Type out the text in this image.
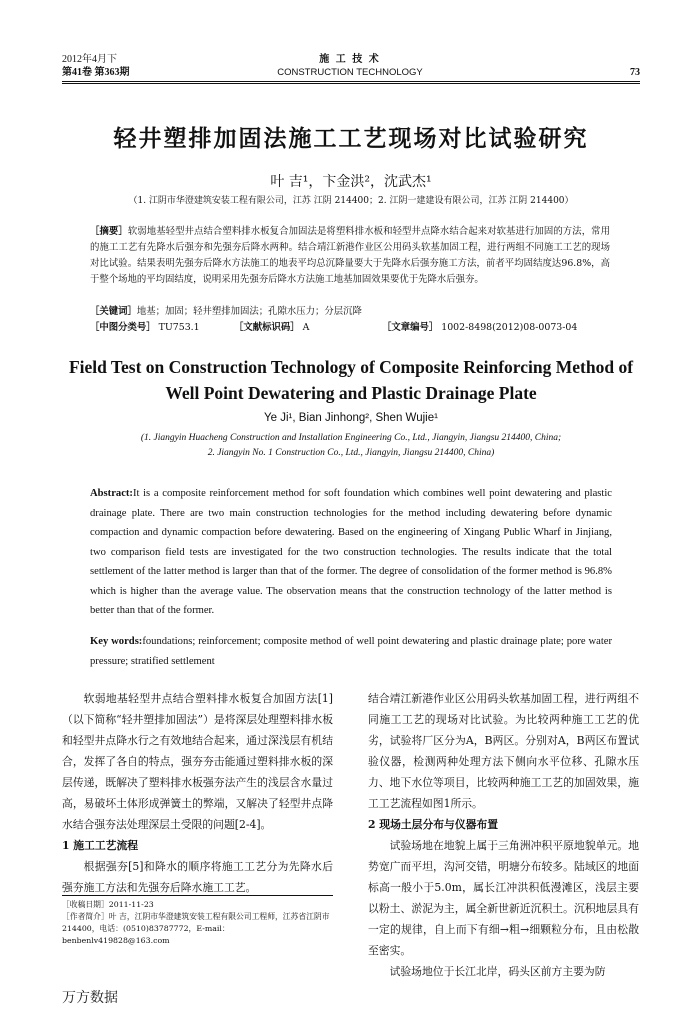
2012年4月下
第41卷 第363期
施 工 技 术
CONSTRUCTION TECHNOLOGY	73
轻井塑排加固法施工工艺现场对比试验研究
叶 吉¹，卞金洪²，沈武杰¹
（1. 江阴市华澄建筑安装工程有限公司，江苏 江阴 214400；2. 江阴一建建设有限公司，江苏 江阴 214400）
［摘要］软弱地基轻型井点结合塑料排水板复合加固法是将塑料排水板和轻型井点降水结合起来对软基进行加固的方法，常用的施工工艺有先降水后强夯和先强夯后降水两种。结合靖江新港作业区公用码头软基加固工程，进行两组不同施工工艺的现场对比试验。结果表明先强夯后降水方法施工的地表平均总沉降量要大于先降水后强夯施工方法，前者平均固结度达96.8%，高于整个场地的平均固结度，说明采用先强夯后降水方法施工地基加固效果要优于先降水后强夯。
［关键词］地基；加固；轻井塑排加固法；孔隙水压力；分层沉降
［中图分类号］ TU753.1	［文献标识码］ A	［文章编号］ 1002-8498(2012)08-0073-04
Field Test on Construction Technology of Composite Reinforcing Method of Well Point Dewatering and Plastic Drainage Plate
Ye Ji¹, Bian Jinhong², Shen Wujie¹
(1. Jiangyin Huacheng Construction and Installation Engineering Co., Ltd., Jiangyin, Jiangsu 214400, China;
2. Jiangyin No. 1 Construction Co., Ltd., Jiangyin, Jiangsu 214400, China)
Abstract:It is a composite reinforcement method for soft foundation which combines well point dewatering and plastic drainage plate. There are two main construction technologies for the method including dewatering before dynamic compaction and dynamic compaction before dewatering. Based on the engineering of Xingang Public Wharf in Jinjiang, two comparison field tests are investigated for the two construction technologies. The results indicate that the total settlement of the latter method is larger than that of the former. The degree of consolidation of the former method is 96.8% which is higher than the average value. The observation means that the construction technology of the latter method is better than that of the former.
Key words:foundations; reinforcement; composite method of well point dewatering and plastic drainage plate; pore water pressure; stratified settlement

软弱地基轻型井点结合塑料排水板复合加固方法[1]（以下简称“轻井塑排加固法”）是将深层处理塑料排水板和轻型井点降水行之有效地结合起来，通过深浅层有机结合，发挥了各自的特点，强夯夯击能通过塑料排水板的深层传递，既解决了塑料排水板强夯法产生的浅层含水量过高，易破坏土体形成弹簧土的弊端，又解决了轻型井点降水结合强夯法处理深层土受限的问题[2-4]。

1 施工工艺流程

根据强夯[5]和降水的顺序将施工工艺分为先降水后强夯施工方法和先强夯后降水施工工艺。

［收稿日期］2011-11-23
［作者简介］叶 吉，江阴市华澄建筑安装工程有限公司工程师，江苏省江阴市 214400，电话：(0510)83787772，E-mail：benbenlv419828@163.com

结合靖江新港作业区公用码头软基加固工程，进行两组不同施工工艺的现场对比试验。为比较两种施工工艺的优劣，试验将厂区分为A，B两区。分别对A，B两区布置试验仪器，检测两种处理方法下侧向水平位移、孔隙水压力、地下水位等项目，比较两种施工工艺的加固效果，施工工艺流程如图1所示。

2 现场土层分布与仪器布置

试验场地在地貌上属于三角洲冲积平原地貌单元。地势宽广而平坦，沟河交错，明塘分布较多。陆域区的地面标高一般小于5.0m，属长江冲洪积低漫滩区，浅层主要以粉土、淤泥为主，属全新世新近沉积土。沉积地层具有一定的规律，自上而下有细→粗→细颗粒分布，且由松散至密实。

试验场地位于长江北岸，码头区前方主要为防

万方数据
